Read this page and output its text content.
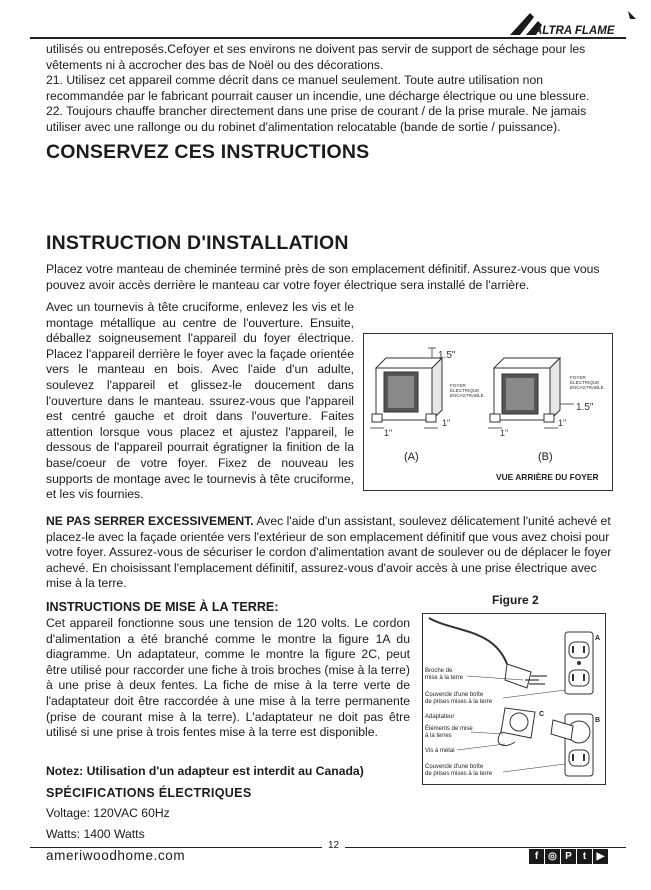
ALTRA FLAME
utilisés ou entreposés.Cefoyer et ses environs ne doivent pas servir de support de séchage pour les vêtements ni à accrocher des bas de Noël ou des décorations.
21. Utilisez cet appareil comme décrit dans ce manuel seulement. Toute autre utilisation non recommandée par le fabricant pourrait causer un incendie, une décharge électrique ou une blessure.
22. Toujours chauffe brancher directement dans une prise de courant / de la prise murale. Ne jamais utiliser avec une rallonge ou du robinet d'alimentation relocatable (bande de sortie / puissance).
CONSERVEZ CES INSTRUCTIONS
INSTRUCTION D'INSTALLATION
Placez votre manteau de cheminée terminé près de son emplacement définitif. Assurez-vous que vous pouvez avoir accès derrière le manteau car votre foyer électrique sera installé de l'arrière.
Avec un tournevis à tête cruciforme, enlevez les vis et le montage métallique au centre de l'ouverture. Ensuite, déballez soigneusement l'appareil du foyer électrique. Placez l'appareil derrière le foyer avec la façade orientée vers le manteau en bois. Avec l'aide d'un adulte, soulevez l'appareil et glissez-le doucement dans l'ouverture dans le manteau. ssurez-vous que l'appareil est centré gauche et droit dans l'ouverture. Faites attention lorsque vous placez et ajustez l'appareil, le dessous de l'appareil pourrait égratigner la finition de la base/coeur de votre foyer. Fixez de nouveau les supports de montage avec le tournevis à tête cruciforme, et les vis fournies.
FOYER
ÉLECTRIQUE
ENCASTRABLE
1.5"
1"
1"
FOYER
ÉLECTRIQUE
ENCASTRABLE
1.5"
1"
1"
(A)	(B)
VUE ARRIÈRE DU FOYER
NE PAS SERRER EXCESSIVEMENT. Avec l'aide d'un assistant, soulevez délicatement l'unité achevé et placez-le avec la façade orientée vers l'extérieur de son emplacement définitif que vous avez choisi pour votre foyer. Assurez-vous de sécuriser le cordon d'alimentation avant de soulever ou de déplacer le foyer achevé. En choisissant l'emplacement définitif, assurez-vous d'avoir accès à une prise électrique avec mise à la terre.
INSTRUCTIONS DE MISE À LA TERRE:	Figure 2
A
Broche de
mise à la terre
Couvercle d'une boîte
de prises mises à la terre
C
Adaptateur
Éléments de mise
à la terres
Vis à métal
B
Couvercle d'une boîte
de prises mises à la terre
Cet appareil fonctionne sous une tension de 120 volts. Le cordon d'alimentation a été branché comme le montre la figure 1A du diagramme. Un adaptateur, comme le montre la figure 2C, peut être utilisé pour raccorder une fiche à trois broches (mise à la terre) à une prise à deux fentes. La fiche de mise à la terre verte de l'adaptateur doit être raccordée à une mise à la terre permanente (prise de courant mise à la terre). L'adaptateur ne doit pas être utilisé si une prise à trois fentes mise à la terre est disponible.
Notez: Utilisation d'un adapteur est interdit au Canada)
SPÉCIFICATIONS ÉLECTRIQUES
Voltage: 120VAC 60Hz
Watts: 1400 Watts
12
ameriwoodhome.com	f ◎ P t ▶
